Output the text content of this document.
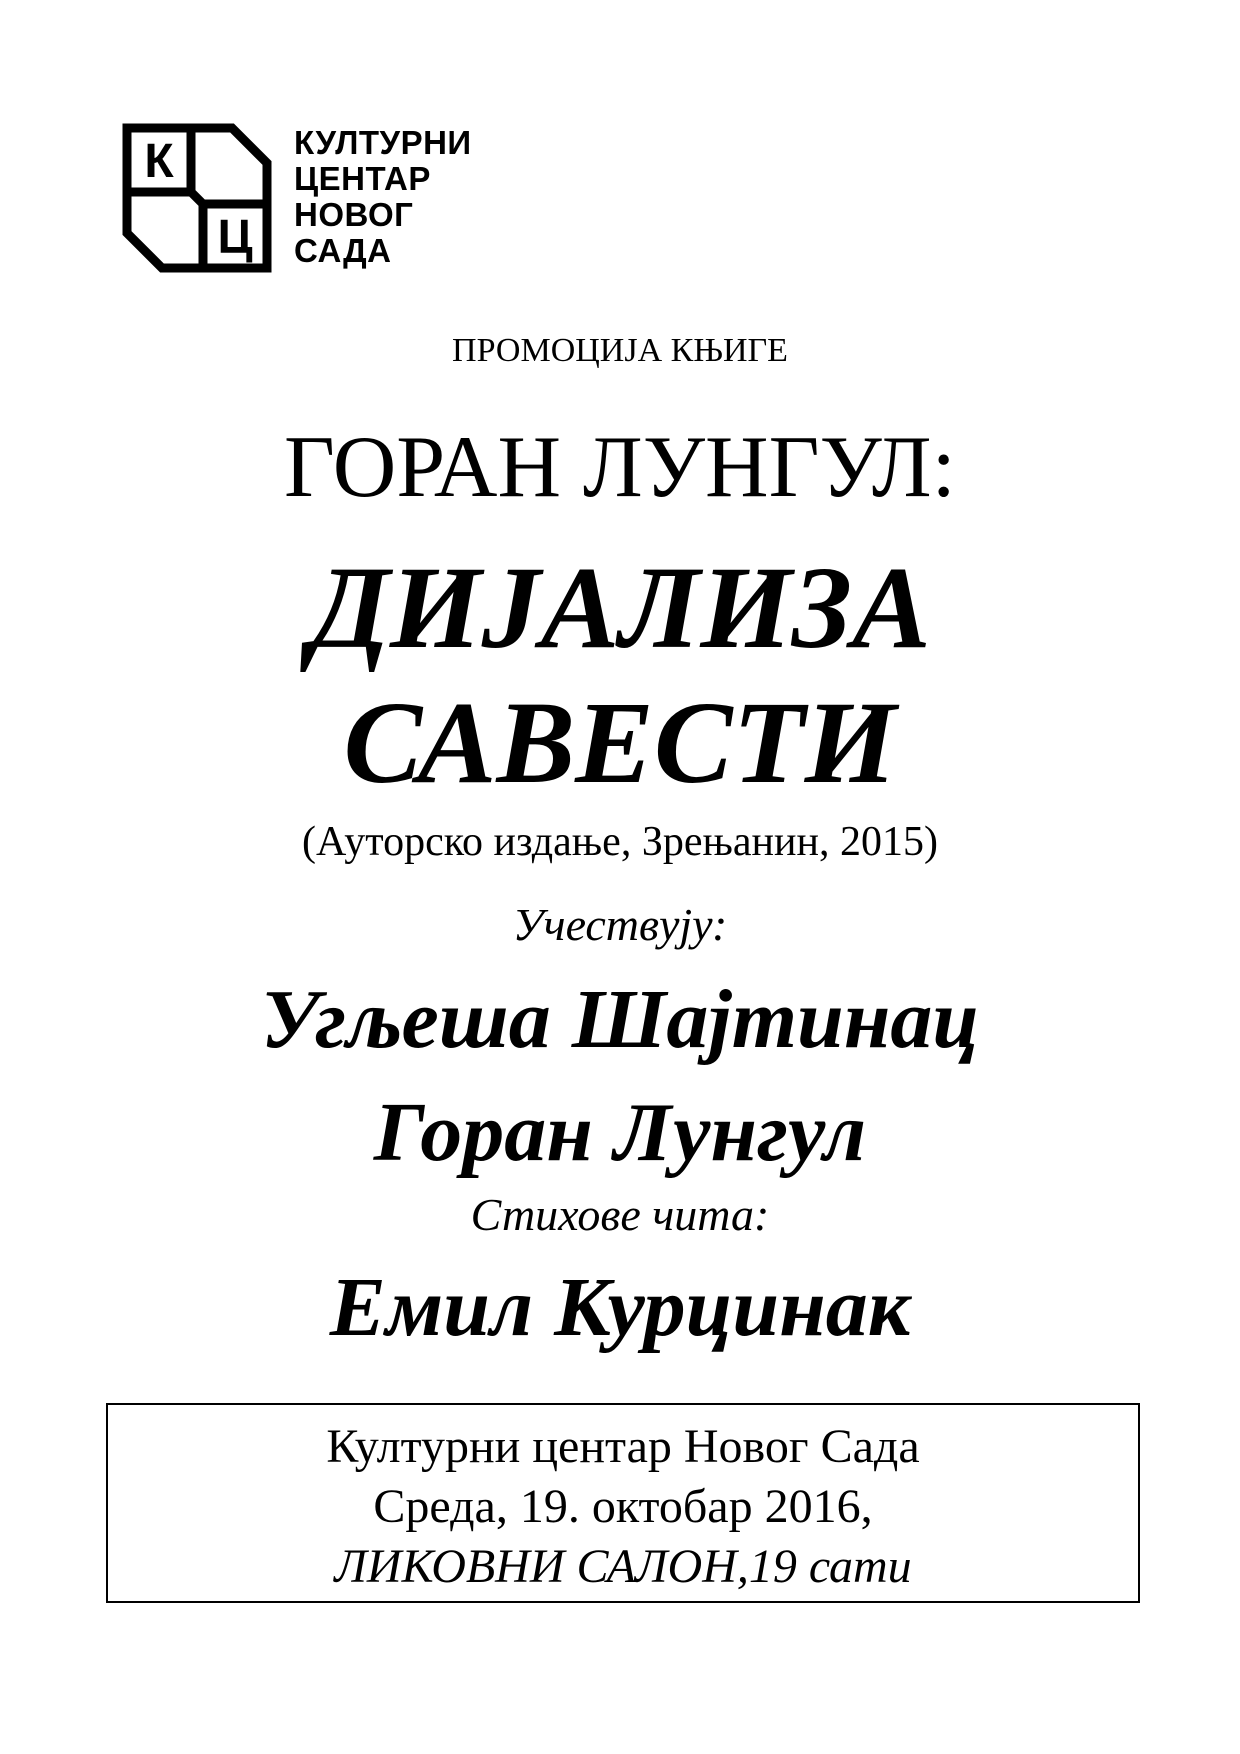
К
Ц
КУЛТУРНИ
ЦЕНТАР
НОВОГ
САДА
ПРОМОЦИЈА КЊИГЕ
ГОРАН ЛУНГУЛ:
ДИЈАЛИЗА
САВЕСТИ
(Ауторско издање, Зрењанин, 2015)
Учествују:
Угљеша Шајтинац
Горан Лунгул
Стихове чита:
Емил Курцинак
Културни центар Новог Сада
Среда, 19. октобар 2016,
ЛИКОВНИ САЛОН,19 сати
